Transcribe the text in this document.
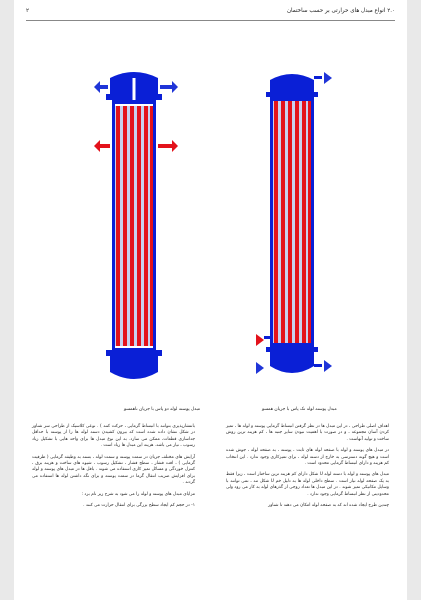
۲.۰ انواع مبدل های حرارتی بر حسب ساختمان
۲
مبدل پوسته لوله دو پاس با جریان ناهمسو	مبدل پوسته لوله تک پاس با جریان همسو

اهداف اصلی طراحی ، در این مبدل ها در نظر گرفتن انبساط گرمایی پوسته و لوله ها ، تمیز کردن آسان مجموعه ، و در صورت با اهمیت نبودن سایر جنبه ها ، کم هزینه ترین روش ساخت و تولید آنهاست .

در مبدل های پوسته و لوله با صفحه لوله های ثابت ، پوسته ، به صفحه لوله ، جوش شده است و هیچ گونه دسترسی به خارج از دسته لوله ، برای تمیزکاری وجود ندارد . این انتخاب کم هزینه و دارای انبساط گرمایی محدود است .

مبدل های پوسته و لوله با دسته لوله U شکل دارای کم هزینه ترین ساختار است ، زیرا فقط به یک صفحه لوله نیاز است . سطح داخلی لوله ها به دلیل خم U شکل تند ، نمی توانند با وسایل مکانیکی تمیز شوند . در این مبدل ها تعداد زوجی از گذرهای لوله به کار می رود ولی محدودیتی از نظر انبساط گرمایی وجود ندارد .

چندین طرح ایجاد شده اند که به صفحه لوله امکان می دهند تا شناور

بانتشارپذیری بتوانند با انبساط گرمایی ، حرکت کنند ) . نوعی کلاسیک از طراحی سر شناور در شکل نشان داده شده است که بیرون کشیدن دسته لوله ها را از پوسته با حداقل جداسازی قطعات، ممکن می سازد. به این نوع مبدل ها برای واحد هایی با تشکیل زیاد رسوب ، نیاز می باشد. هزینه این مبدل ها زیاد است .

آرایش های مختلف جریان در سمت پوسته و سمت لوله ، بسته به وظیفه گرمایی ( ظرفیت گرمایی ) ، افت فشار ، سطح فشار ، تشکیل رسوب ، شیوه های ساخت و هزینه برق ، کنترل خوردگی و مسائل تمیز کاری استفاده می شوند . بافل ها در مبدل های پوسته و لوله برای افزایش ضریب انتقال گرما در سمت پوسته و برای نگه داشتن لوله ها استفاده می گردند .

مزایای مبدل های پوسته و لوله را می شود به شرح زیر نام برد :

۱- در حجم کم ایجاد سطح بزرگی برای انتقال حرارت می کنند .
